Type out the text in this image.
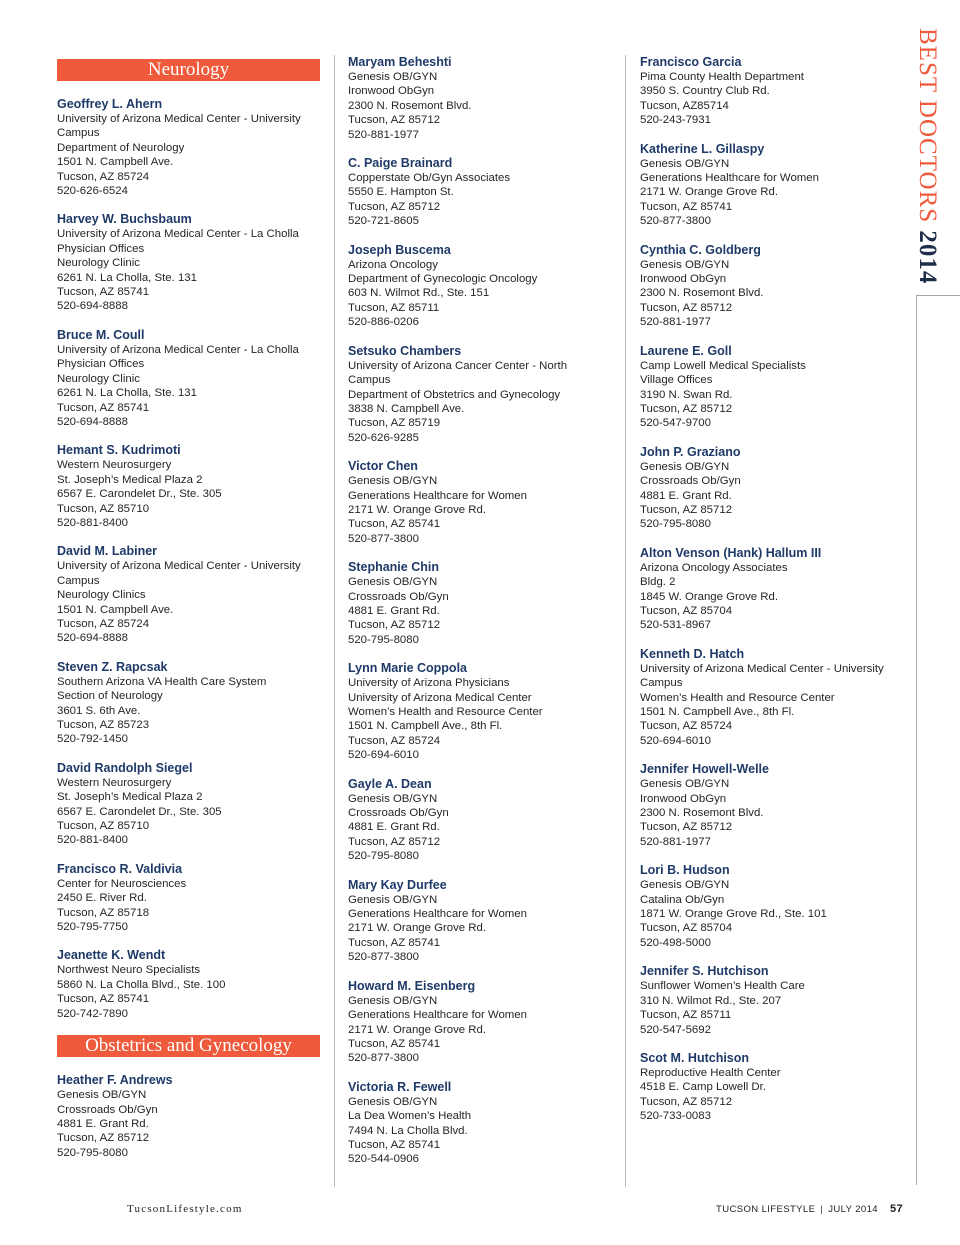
Neurology
Geoffrey L. Ahern
University of Arizona Medical Center - University
Campus
Department of Neurology
1501 N. Campbell Ave.
Tucson, AZ 85724
520-626-6524
Harvey W. Buchsbaum
University of Arizona Medical Center - La Cholla
Physician Offices
Neurology Clinic
6261 N. La Cholla, Ste. 131
Tucson, AZ 85741
520-694-8888
Bruce M. Coull
University of Arizona Medical Center - La Cholla
Physician Offices
Neurology Clinic
6261 N. La Cholla, Ste. 131
Tucson, AZ 85741
520-694-8888
Hemant S. Kudrimoti
Western Neurosurgery
St. Joseph’s Medical Plaza 2
6567 E. Carondelet Dr., Ste. 305
Tucson, AZ 85710
520-881-8400
David M. Labiner
University of Arizona Medical Center - University
Campus
Neurology Clinics
1501 N. Campbell Ave.
Tucson, AZ 85724
520-694-8888
Steven Z. Rapcsak
Southern Arizona VA Health Care System
Section of Neurology
3601 S. 6th Ave.
Tucson, AZ 85723
520-792-1450
David Randolph Siegel
Western Neurosurgery
St. Joseph’s Medical Plaza 2
6567 E. Carondelet Dr., Ste. 305
Tucson, AZ 85710
520-881-8400
Francisco R. Valdivia
Center for Neurosciences
2450 E. River Rd.
Tucson, AZ 85718
520-795-7750
Jeanette K. Wendt
Northwest Neuro Specialists
5860 N. La Cholla Blvd., Ste. 100
Tucson, AZ 85741
520-742-7890
Obstetrics and Gynecology
Heather F. Andrews
Genesis OB/GYN
Crossroads Ob/Gyn
4881 E. Grant Rd.
Tucson, AZ 85712
520-795-8080
Maryam Beheshti
Genesis OB/GYN
Ironwood ObGyn
2300 N. Rosemont Blvd.
Tucson, AZ 85712
520-881-1977
C. Paige Brainard
Copperstate Ob/Gyn Associates
5550 E. Hampton St.
Tucson, AZ 85712
520-721-8605
Joseph Buscema
Arizona Oncology
Department of Gynecologic Oncology
603 N. Wilmot Rd., Ste. 151
Tucson, AZ 85711
520-886-0206
Setsuko Chambers
University of Arizona Cancer Center - North
Campus
Department of Obstetrics and Gynecology
3838 N. Campbell Ave.
Tucson, AZ 85719
520-626-9285
Victor Chen
Genesis OB/GYN
Generations Healthcare for Women
2171 W. Orange Grove Rd.
Tucson, AZ 85741
520-877-3800
Stephanie Chin
Genesis OB/GYN
Crossroads Ob/Gyn
4881 E. Grant Rd.
Tucson, AZ 85712
520-795-8080
Lynn Marie Coppola
University of Arizona Physicians
University of Arizona Medical Center
Women’s Health and Resource Center
1501 N. Campbell Ave., 8th Fl.
Tucson, AZ 85724
520-694-6010
Gayle A. Dean
Genesis OB/GYN
Crossroads Ob/Gyn
4881 E. Grant Rd.
Tucson, AZ 85712
520-795-8080
Mary Kay Durfee
Genesis OB/GYN
Generations Healthcare for Women
2171 W. Orange Grove Rd.
Tucson, AZ 85741
520-877-3800
Howard M. Eisenberg
Genesis OB/GYN
Generations Healthcare for Women
2171 W. Orange Grove Rd.
Tucson, AZ 85741
520-877-3800
Victoria R. Fewell
Genesis OB/GYN
La Dea Women’s Health
7494 N. La Cholla Blvd.
Tucson, AZ 85741
520-544-0906
Francisco Garcia
Pima County Health Department
3950 S. Country Club Rd.
Tucson, AZ85714
520-243-7931
Katherine L. Gillaspy
Genesis OB/GYN
Generations Healthcare for Women
2171 W. Orange Grove Rd.
Tucson, AZ 85741
520-877-3800
Cynthia C. Goldberg
Genesis OB/GYN
Ironwood ObGyn
2300 N. Rosemont Blvd.
Tucson, AZ 85712
520-881-1977
Laurene E. Goll
Camp Lowell Medical Specialists
Village Offices
3190 N. Swan Rd.
Tucson, AZ 85712
520-547-9700
John P. Graziano
Genesis OB/GYN
Crossroads Ob/Gyn
4881 E. Grant Rd.
Tucson, AZ 85712
520-795-8080
Alton Venson (Hank) Hallum III
Arizona Oncology Associates
Bldg. 2
1845 W. Orange Grove Rd.
Tucson, AZ 85704
520-531-8967
Kenneth D. Hatch
University of Arizona Medical Center - University
Campus
Women’s Health and Resource Center
1501 N. Campbell Ave., 8th Fl.
Tucson, AZ 85724
520-694-6010
Jennifer Howell-Welle
Genesis OB/GYN
Ironwood ObGyn
2300 N. Rosemont Blvd.
Tucson, AZ 85712
520-881-1977
Lori B. Hudson
Genesis OB/GYN
Catalina Ob/Gyn
1871 W. Orange Grove Rd., Ste. 101
Tucson, AZ 85704
520-498-5000
Jennifer S. Hutchison
Sunflower Women’s Health Care
310 N. Wilmot Rd., Ste. 207
Tucson, AZ 85711
520-547-5692
Scot M. Hutchison
Reproductive Health Center
4518 E. Camp Lowell Dr.
Tucson, AZ 85712
520-733-0083
BEST DOCTORS 2014
TucsonLifestyle.com	TUCSON LIFESTYLE | JULY 2014 57
